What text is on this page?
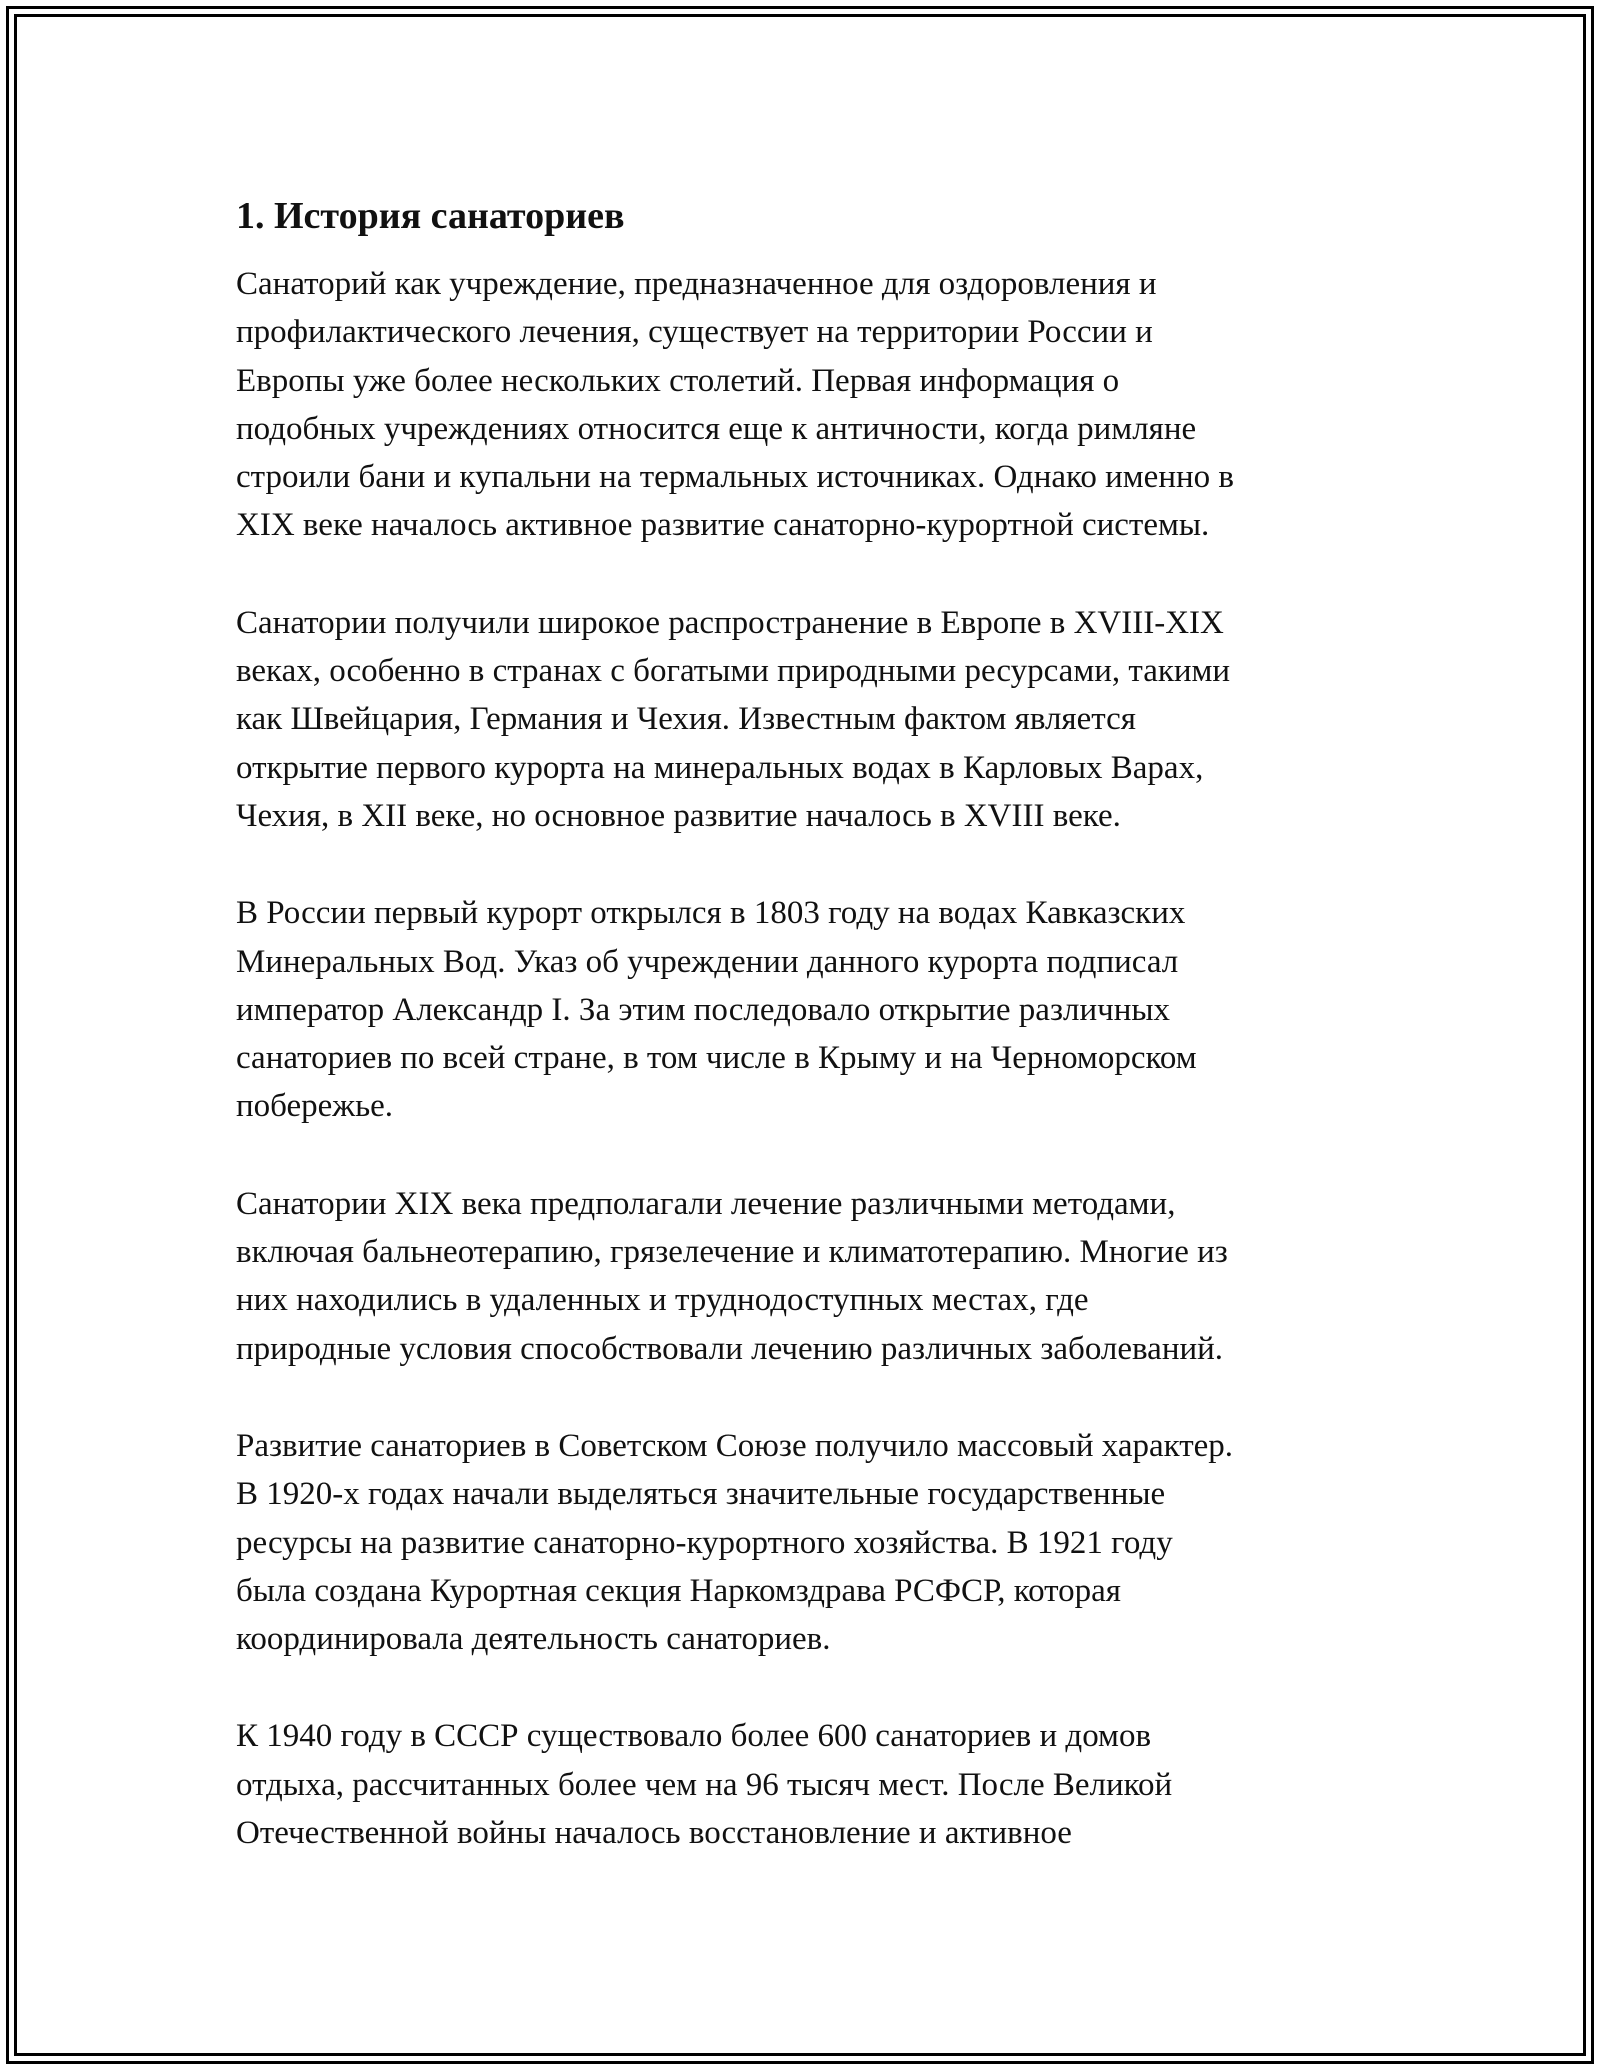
1. История санаториев

Санаторий как учреждение, предназначенное для оздоровления и
профилактического лечения, существует на территории России и
Европы уже более нескольких столетий. Первая информация о
подобных учреждениях относится еще к античности, когда римляне
строили бани и купальни на термальных источниках. Однако именно в
XIX веке началось активное развитие санаторно-курортной системы.

Санатории получили широкое распространение в Европе в XVIII-XIX
веках, особенно в странах с богатыми природными ресурсами, такими
как Швейцария, Германия и Чехия. Известным фактом является
открытие первого курорта на минеральных водах в Карловых Варах,
Чехия, в XII веке, но основное развитие началось в XVIII веке.

В России первый курорт открылся в 1803 году на водах Кавказских
Минеральных Вод. Указ об учреждении данного курорта подписал
император Александр I. За этим последовало открытие различных
санаториев по всей стране, в том числе в Крыму и на Черноморском
побережье.

Санатории XIX века предполагали лечение различными методами,
включая бальнеотерапию, грязелечение и климатотерапию. Многие из
них находились в удаленных и труднодоступных местах, где
природные условия способствовали лечению различных заболеваний.

Развитие санаториев в Советском Союзе получило массовый характер.
В 1920-х годах начали выделяться значительные государственные
ресурсы на развитие санаторно-курортного хозяйства. В 1921 году
была создана Курортная секция Наркомздрава РСФСР, которая
координировала деятельность санаториев.

К 1940 году в СССР существовало более 600 санаториев и домов
отдыха, рассчитанных более чем на 96 тысяч мест. После Великой
Отечественной войны началось восстановление и активное
